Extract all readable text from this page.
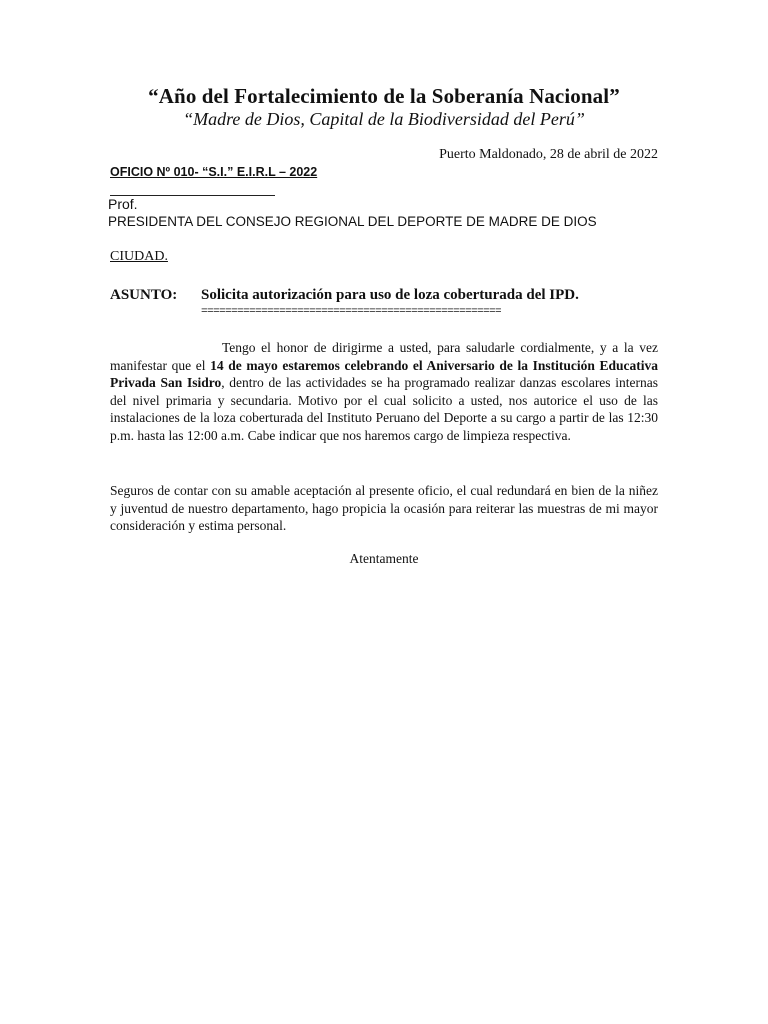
“Año del Fortalecimiento de la Soberanía Nacional”
“Madre de Dios, Capital de la Biodiversidad del Perú”
Puerto Maldonado, 28 de abril de 2022
OFICIO Nº 010- “S.I.” E.I.R.L – 2022
Prof.
PRESIDENTA DEL CONSEJO REGIONAL DEL DEPORTE DE MADRE DE DIOS
CIUDAD.
ASUNTO: Solicita autorización para uso de loza coberturada del IPD.
==================================================
Tengo el honor de dirigirme a usted, para saludarle cordialmente, y a la vez manifestar que el 14 de mayo estaremos celebrando el Aniversario de la Institución Educativa Privada San Isidro, dentro de las actividades se ha programado realizar danzas escolares internas del nivel primaria y secundaria. Motivo por el cual solicito a usted, nos autorice el uso de las instalaciones de la loza coberturada del Instituto Peruano del Deporte a su cargo a partir de las 12:30 p.m. hasta las 12:00 a.m. Cabe indicar que nos haremos cargo de limpieza respectiva.
Seguros de contar con su amable aceptación al presente oficio, el cual redundará en bien de la niñez y juventud de nuestro departamento, hago propicia la ocasión para reiterar las muestras de mi mayor consideración y estima personal.
Atentamente
